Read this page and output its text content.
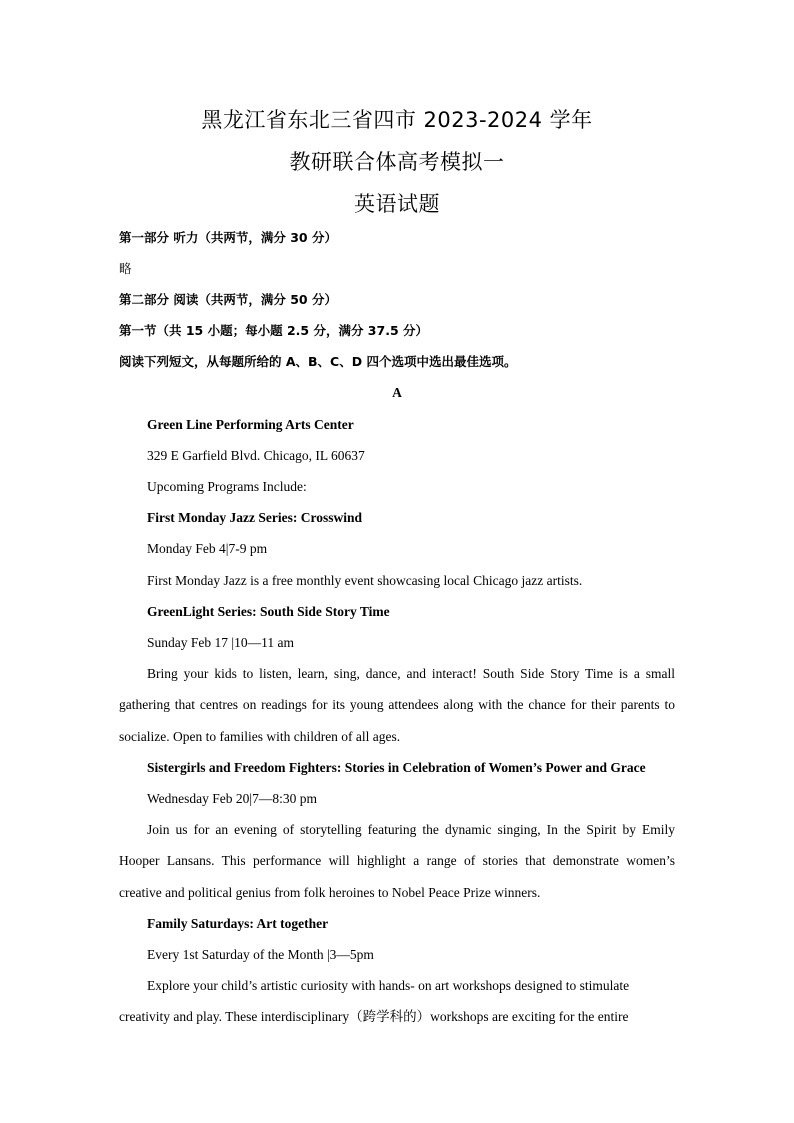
黑龙江省东北三省四市 2023-2024 学年
教研联合体高考模拟一
英语试题
第一部分 听力（共两节，满分 30 分）
略
第二部分 阅读（共两节，满分 50 分）
第一节（共 15 小题；每小题 2.5 分，满分 37.5 分）
阅读下列短文，从每题所给的 A、B、C、D 四个选项中选出最佳选项。
A
Green Line Performing Arts Center
329 E Garfield Blvd. Chicago, IL 60637
Upcoming Programs Include:
First Monday Jazz Series: Crosswind
Monday Feb 4|7-9 pm
First Monday Jazz is a free monthly event showcasing local Chicago jazz artists.
GreenLight Series: South Side Story Time
Sunday Feb 17 |10—11 am
Bring your kids to listen, learn, sing, dance, and interact! South Side Story Time is a small
gathering that centres on readings for its young attendees along with the chance for their parents to
socialize. Open to families with children of all ages.
Sistergirls and Freedom Fighters: Stories in Celebration of Women’s Power and Grace
Wednesday Feb 20|7—8:30 pm
Join us for an evening of storytelling featuring the dynamic singing, In the Spirit by Emily
Hooper Lansans. This performance will highlight a range of stories that demonstrate women’s
creative and political genius from folk heroines to Nobel Peace Prize winners.
Family Saturdays: Art together
Every 1st Saturday of the Month |3—5pm
Explore your child’s artistic curiosity with hands- on art workshops designed to stimulate
creativity and play. These interdisciplinary（跨学科的）workshops are exciting for the entire
